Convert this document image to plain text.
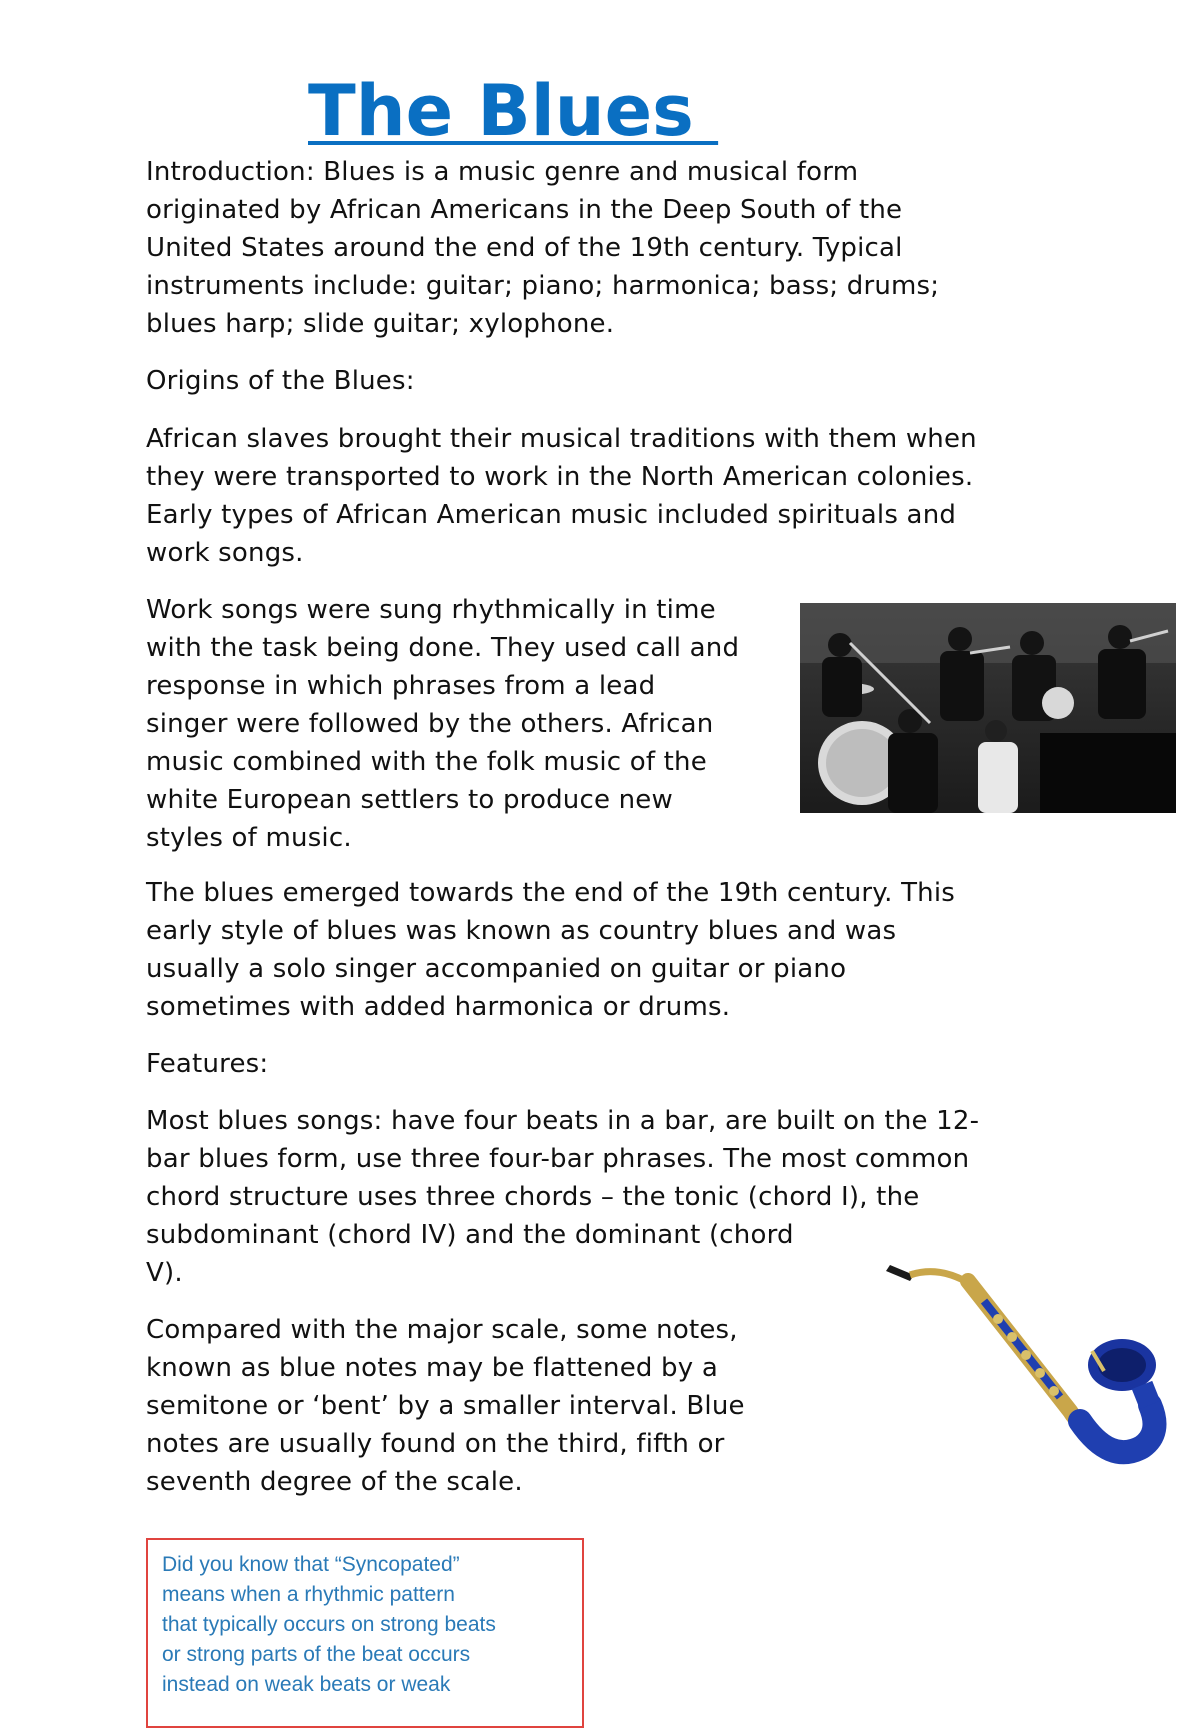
The Blues

Introduction: Blues is a music genre and musical form
originated by African Americans in the Deep South of the
United States around the end of the 19th century. Typical
instruments include: guitar; piano; harmonica; bass; drums;
blues harp; slide guitar; xylophone.

Origins of the Blues:

African slaves brought their musical traditions with them when
they were transported to work in the North American colonies.
Early types of African American music included spirituals and
work songs.

Work songs were sung rhythmically in time
with the task being done. They used call and
response in which phrases from a lead
singer were followed by the others. African
music combined with the folk music of the
white European settlers to produce new
styles of music.

The blues emerged towards the end of the 19th century. This
early style of blues was known as country blues and was
usually a solo singer accompanied on guitar or piano
sometimes with added harmonica or drums.

Features:

Most blues songs: have four beats in a bar, are built on the 12-
bar blues form, use three four-bar phrases. The most common
chord structure uses three chords – the tonic (chord I), the
subdominant (chord IV) and the dominant (chord
V).

Compared with the major scale, some notes,
known as blue notes may be flattened by a
semitone or ‘bent’ by a smaller interval. Blue
notes are usually found on the third, fifth or
seventh degree of the scale.

Did you know that “Syncopated”
means when a rhythmic pattern
that typically occurs on strong beats
or strong parts of the beat occurs
instead on weak beats or weak
